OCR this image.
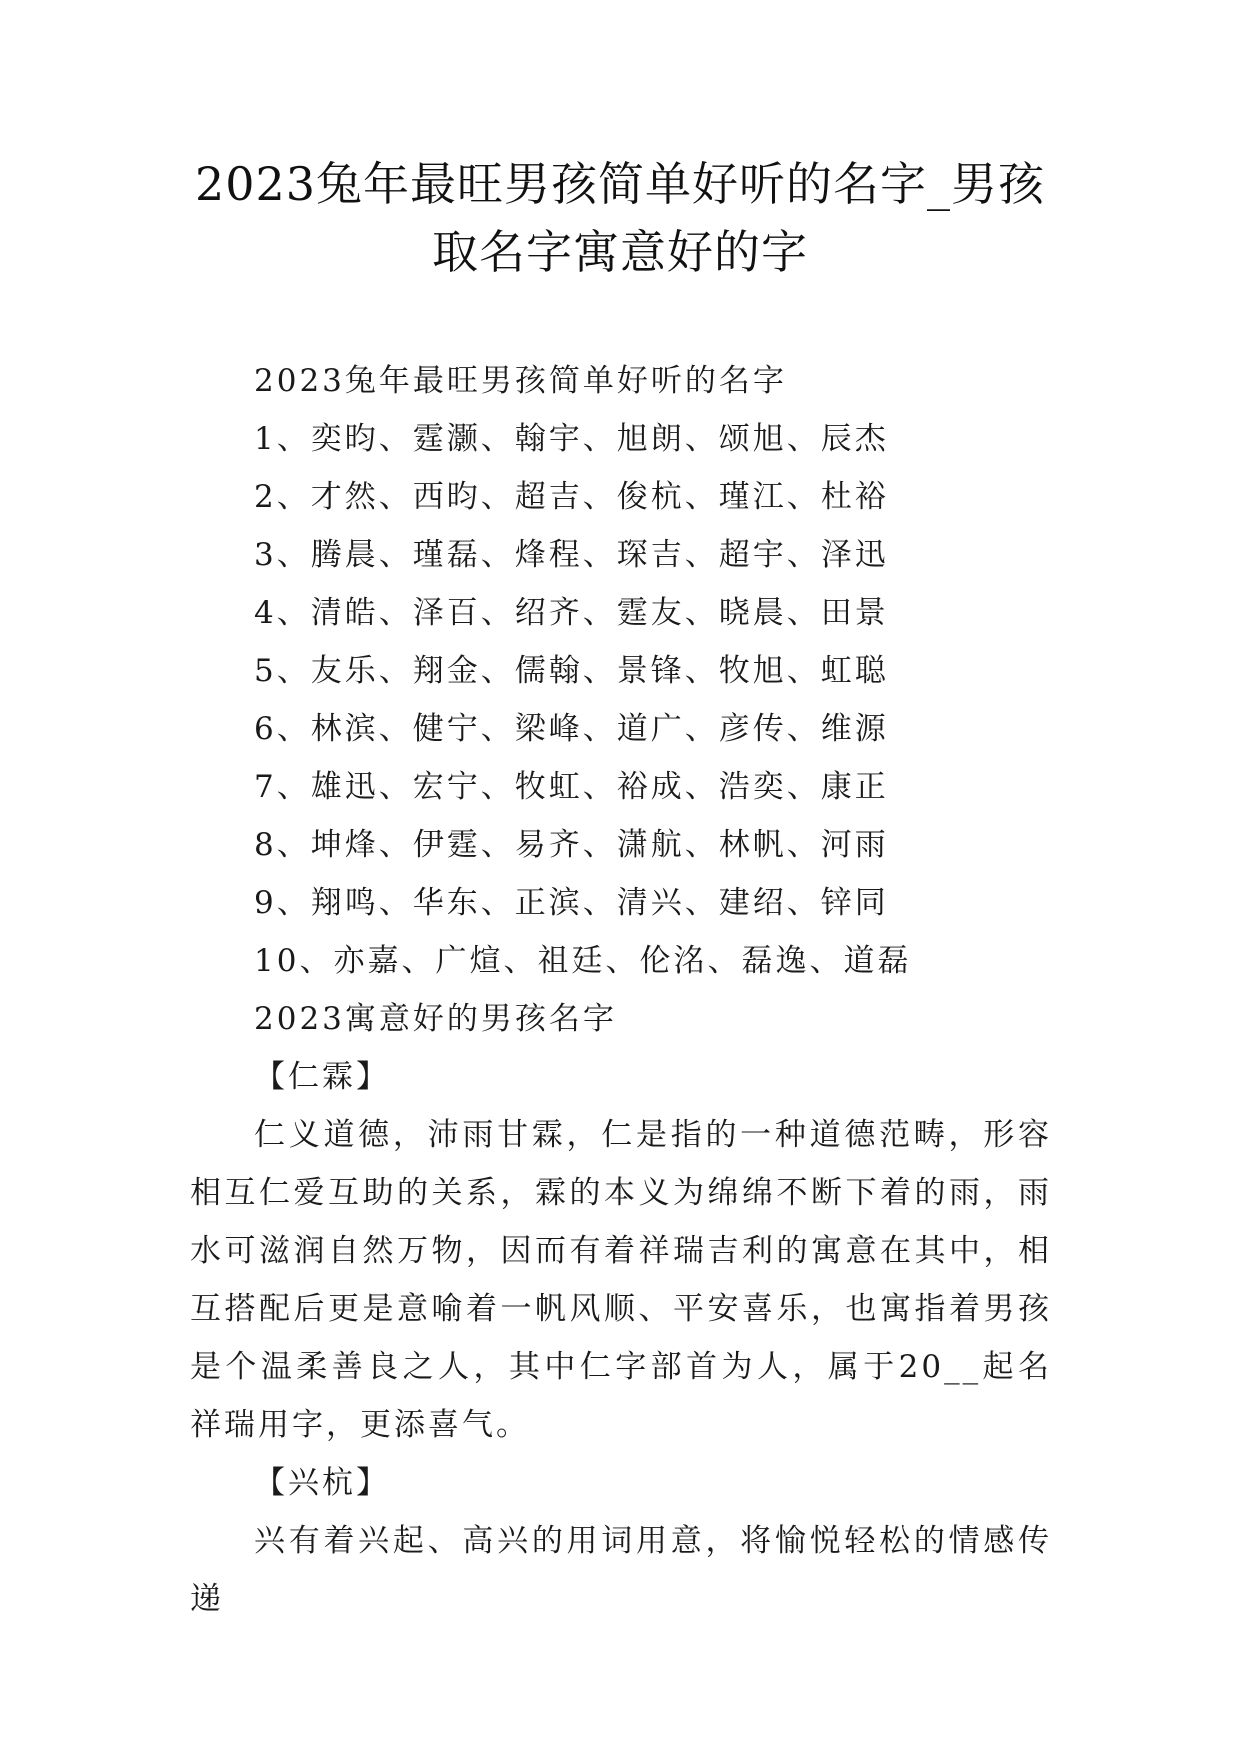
2023兔年最旺男孩简单好听的名字_男孩取名字寓意好的字

2023兔年最旺男孩简单好听的名字

1、奕昀、霆灏、翰宇、旭朗、颂旭、辰杰

2、才然、西昀、超吉、俊杭、瑾江、杜裕

3、腾晨、瑾磊、烽程、琛吉、超宇、泽迅

4、清皓、泽百、绍齐、霆友、晓晨、田景

5、友乐、翔金、儒翰、景锋、牧旭、虹聪

6、林滨、健宁、梁峰、道广、彦传、维源

7、雄迅、宏宁、牧虹、裕成、浩奕、康正

8、坤烽、伊霆、易齐、潇航、林帆、河雨

9、翔鸣、华东、正滨、清兴、建绍、锌同

10、亦嘉、广煊、祖廷、伦洺、磊逸、道磊

2023寓意好的男孩名字

【仁霖】

仁义道德，沛雨甘霖，仁是指的一种道德范畴，形容相互仁爱互助的关系，霖的本义为绵绵不断下着的雨，雨水可滋润自然万物，因而有着祥瑞吉利的寓意在其中，相互搭配后更是意喻着一帆风顺、平安喜乐，也寓指着男孩是个温柔善良之人，其中仁字部首为人，属于20__起名祥瑞用字，更添喜气。

【兴杭】

兴有着兴起、高兴的用词用意，将愉悦轻松的情感传递
